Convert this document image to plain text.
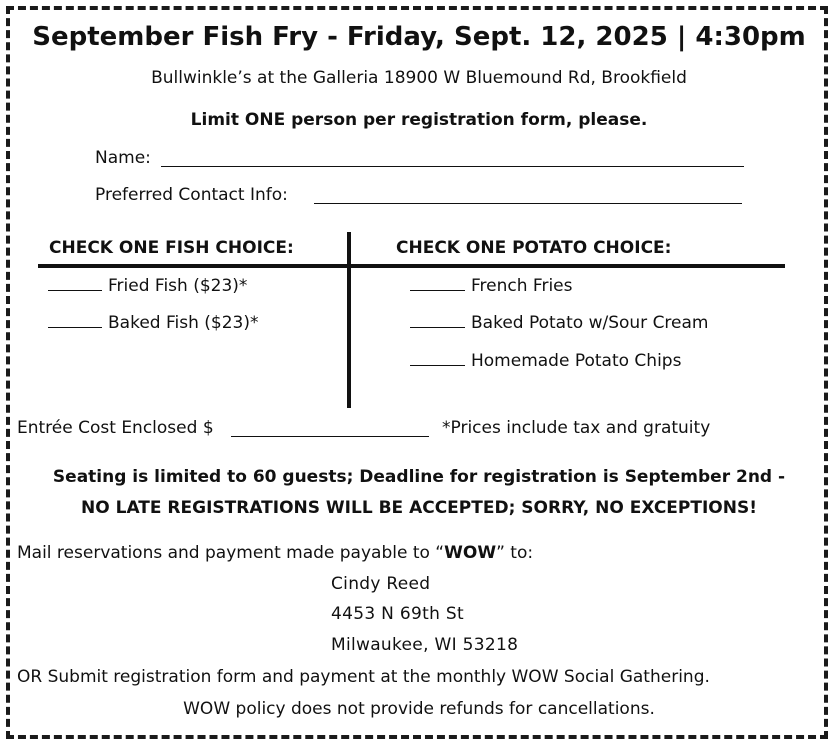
September Fish Fry - Friday, Sept. 12, 2025 | 4:30pm
Bullwinkle’s at the Galleria 18900 W Bluemound Rd, Brookfield
Limit ONE person per registration form, please.
Name:
Preferred Contact Info:
CHECK ONE FISH CHOICE:	CHECK ONE POTATO CHOICE:
Fried Fish ($23)*
Baked Fish ($23)*
French Fries
Baked Potato w/Sour Cream
Homemade Potato Chips
Entrée Cost Enclosed $	*Prices include tax and gratuity
Seating is limited to 60 guests; Deadline for registration is September 2nd -
NO LATE REGISTRATIONS WILL BE ACCEPTED; SORRY, NO EXCEPTIONS!
Mail reservations and payment made payable to “WOW” to:
Cindy Reed
4453 N 69th St
Milwaukee, WI 53218
OR Submit registration form and payment at the monthly WOW Social Gathering.
WOW policy does not provide refunds for cancellations.
